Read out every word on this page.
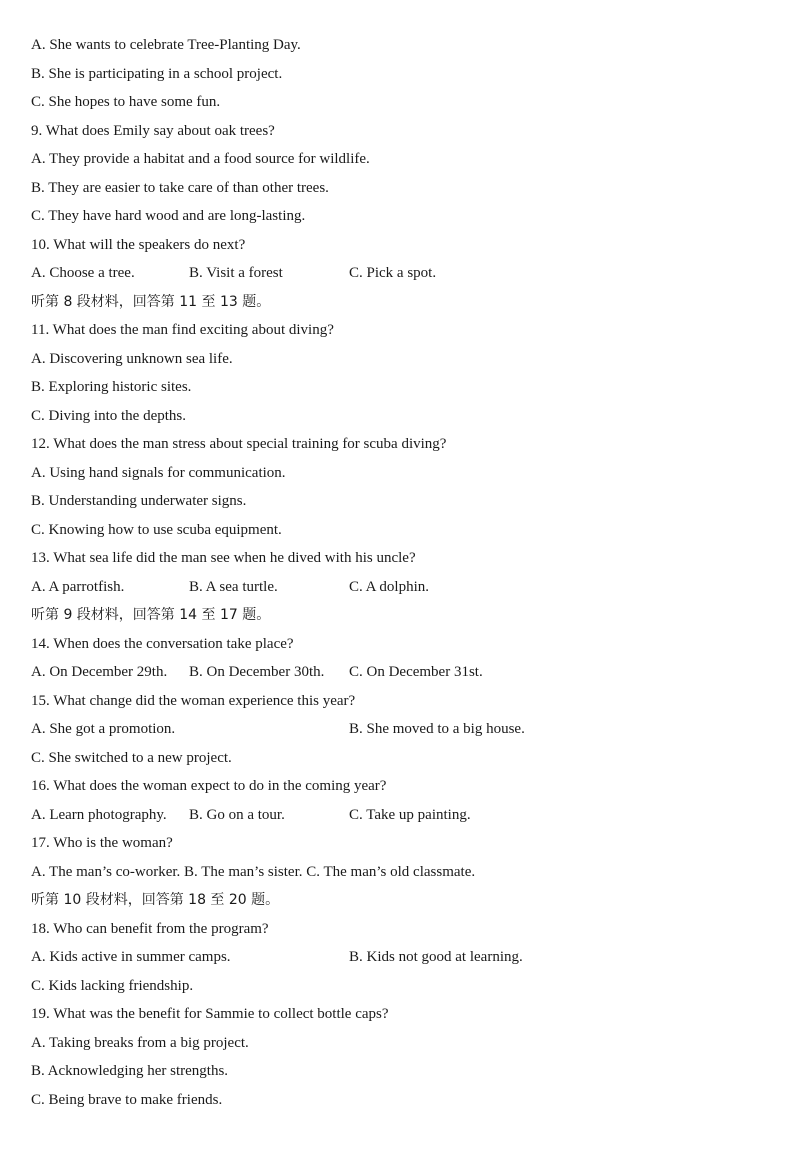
A. She wants to celebrate Tree-Planting Day.
B. She is participating in a school project.
C. She hopes to have some fun.
9. What does Emily say about oak trees?
A. They provide a habitat and a food source for wildlife.
B. They are easier to take care of than other trees.
C. They have hard wood and are long-lasting.
10. What will the speakers do next?
A. Choose a tree.	B. Visit a forest	C. Pick a spot.
听第 8 段材料，回答第 11 至 13 题。
11. What does the man find exciting about diving?
A. Discovering unknown sea life.
B. Exploring historic sites.
C. Diving into the depths.
12. What does the man stress about special training for scuba diving?
A. Using hand signals for communication.
B. Understanding underwater signs.
C. Knowing how to use scuba equipment.
13. What sea life did the man see when he dived with his uncle?
A. A parrotfish.	B. A sea turtle.	C. A dolphin.
听第 9 段材料，回答第 14 至 17 题。
14. When does the conversation take place?
A. On December 29th. B. On December 30th. C. On December 31st.
15. What change did the woman experience this year?
A. She got a promotion.	B. She moved to a big house.
C. She switched to a new project.
16. What does the woman expect to do in the coming year?
A. Learn photography. B. Go on a tour.	C. Take up painting.
17. Who is the woman?
A. The man’s co-worker. B. The man’s sister. C. The man’s old classmate.
听第 10 段材料，回答第 18 至 20 题。
18. Who can benefit from the program?
A. Kids active in summer camps.	B. Kids not good at learning.
C. Kids lacking friendship.
19. What was the benefit for Sammie to collect bottle caps?
A. Taking breaks from a big project.
B. Acknowledging her strengths.
C. Being brave to make friends.
